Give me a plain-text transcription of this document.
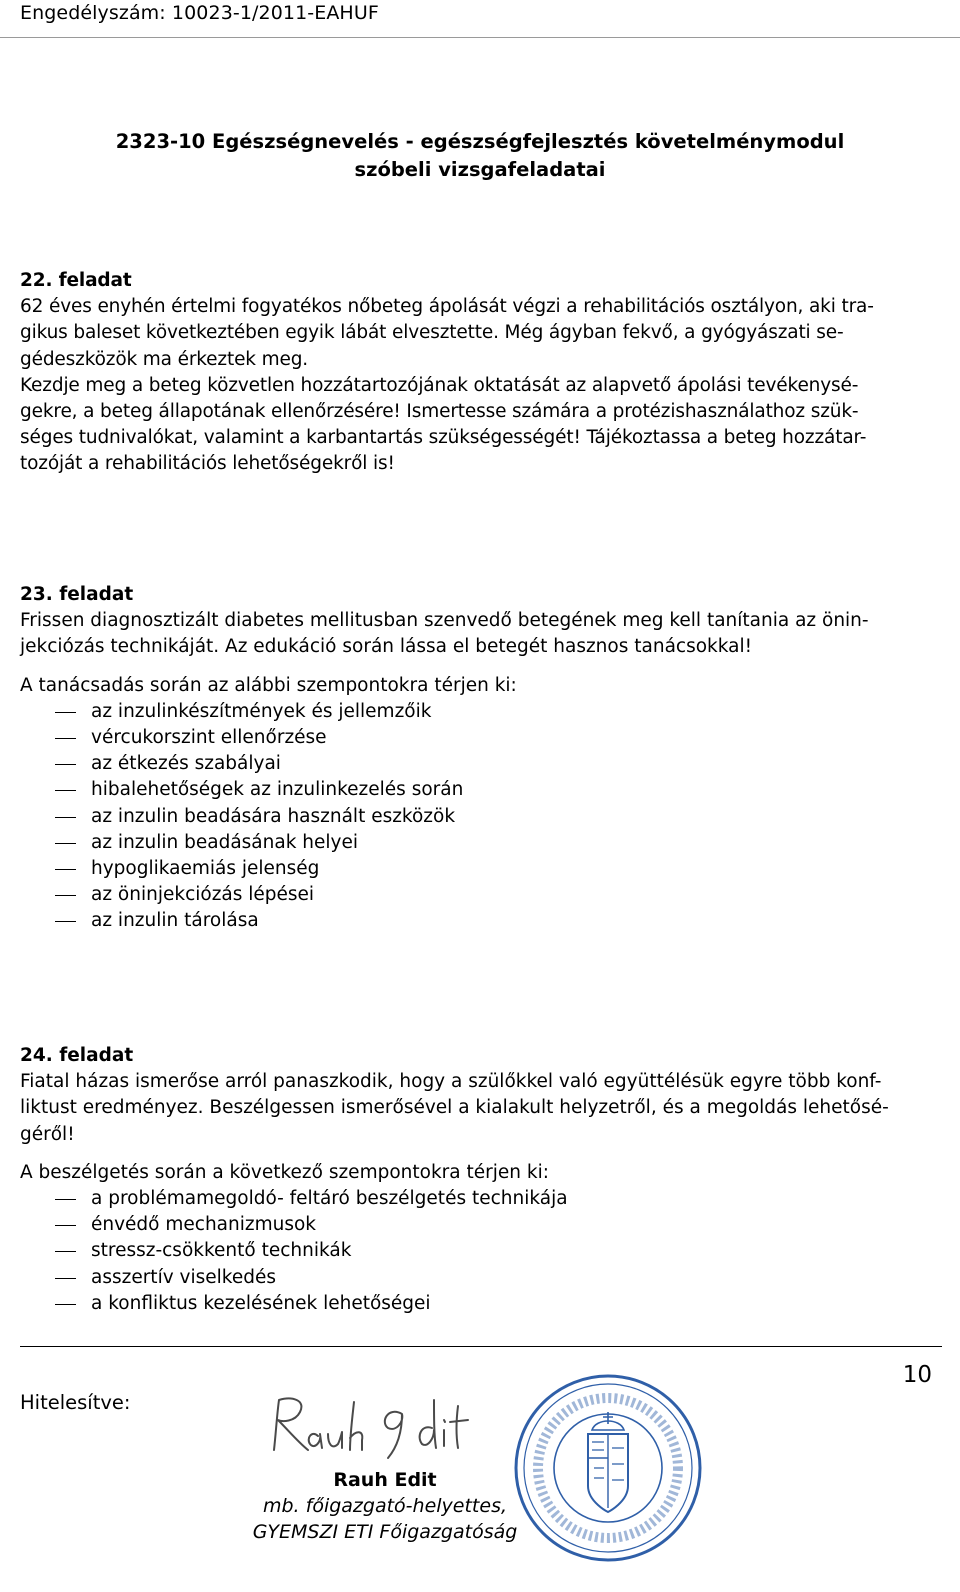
Engedélyszám: 10023-1/2011-EAHUF
2323-10 Egészségnevelés - egészségfejlesztés követelménymodul
szóbeli vizsgafeladatai

22. feladat

62 éves enyhén értelmi fogyatékos nőbeteg ápolását végzi a rehabilitációs osztályon, aki tra-

gikus baleset következtében egyik lábát elvesztette. Még ágyban fekvő, a gyógyászati se-

gédeszközök ma érkeztek meg.

Kezdje meg a beteg közvetlen hozzátartozójának oktatását az alapvető ápolási tevékenysé-

gekre, a beteg állapotának ellenőrzésére! Ismertesse számára a protézishasználathoz szük-

séges tudnivalókat, valamint a karbantartás szükségességét! Tájékoztassa a beteg hozzátar-

tozóját a rehabilitációs lehetőségekről is!

23. feladat

Frissen diagnosztizált diabetes mellitusban szenvedő betegének meg kell tanítania az önin-

jekciózás technikáját. Az edukáció során lássa el betegét hasznos tanácsokkal!

A tanácsadás során az alábbi szempontokra térjen ki:

az inzulinkészítmények és jellemzőik
vércukorszint ellenőrzése
az étkezés szabályai
hibalehetőségek az inzulinkezelés során
az inzulin beadására használt eszközök
az inzulin beadásának helyei
hypoglikaemiás jelenség
az öninjekciózás lépései
az inzulin tárolása

24. feladat

Fiatal házas ismerőse arról panaszkodik, hogy a szülőkkel való együttélésük egyre több konf-

liktust eredményez. Beszélgessen ismerősével a kialakult helyzetről, és a megoldás lehetősé-

géről!

A beszélgetés során a következő szempontokra térjen ki:

a problémamegoldó- feltáró beszélgetés technikája
énvédő mechanizmusok
stressz-csökkentő technikák
asszertív viselkedés
a konfliktus kezelésének lehetőségei
10
Hitelesítve:
Rauh Edit
mb. főigazgató-helyettes,
GYEMSZI ETI Főigazgatóság
